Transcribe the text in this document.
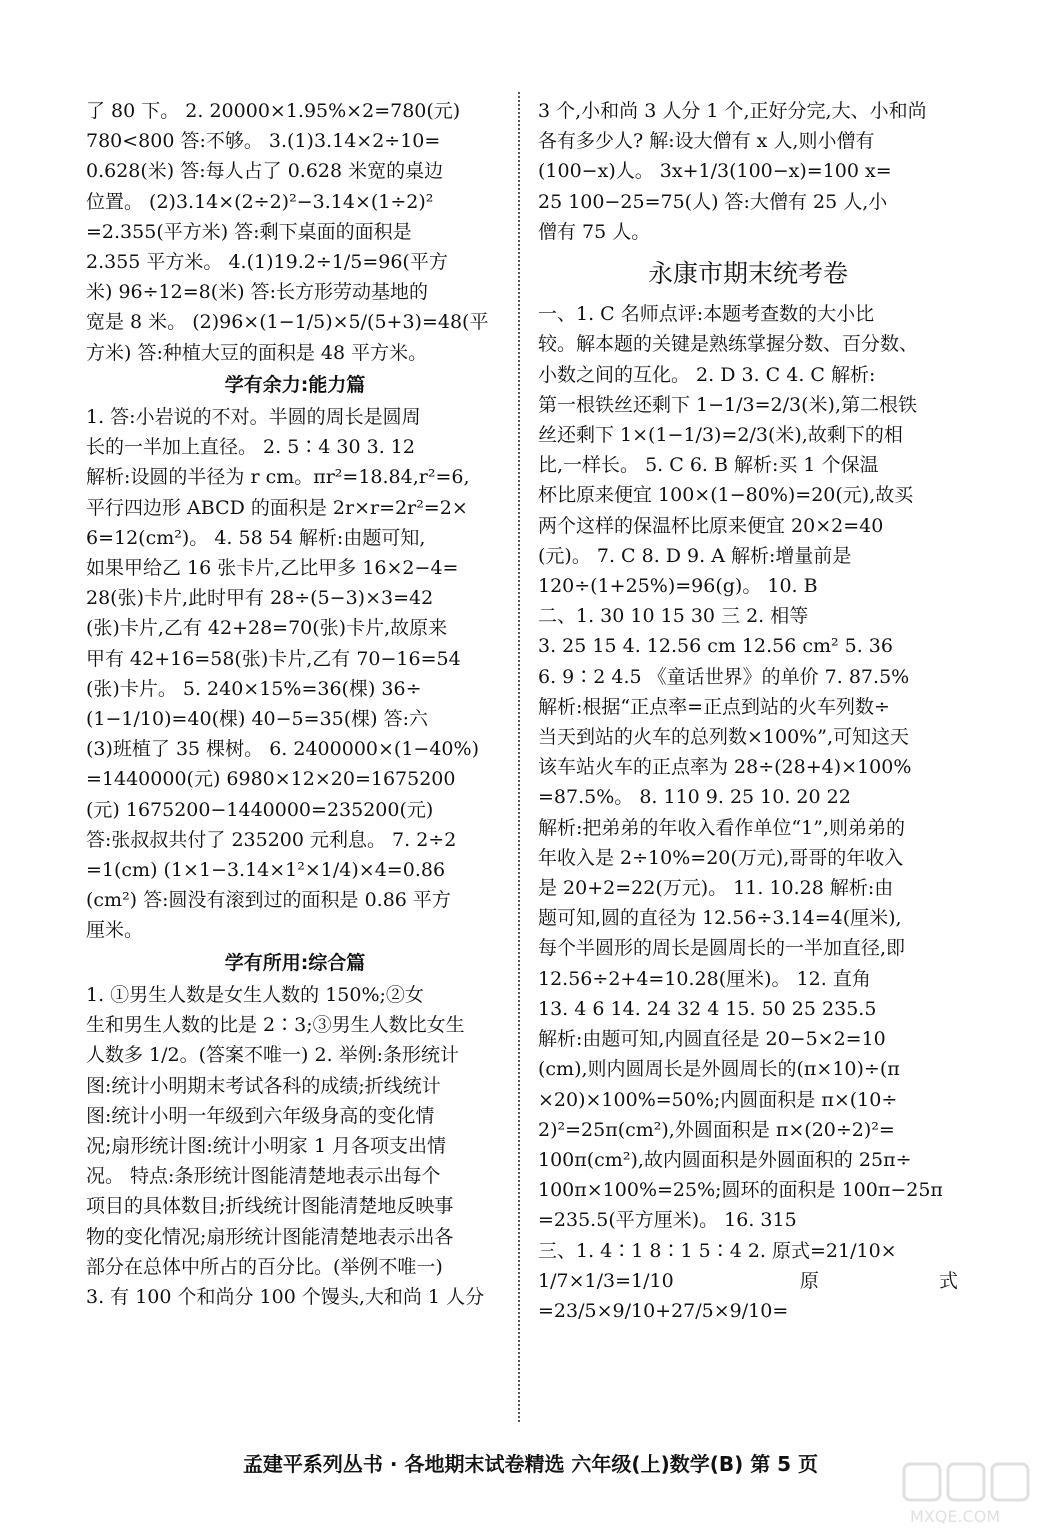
了 80 下。 2. 20000×1.95%×2=780(元)
780<800 答:不够。 3.(1)3.14×2÷10=
0.628(米) 答:每人占了 0.628 米宽的桌边
位置。 (2)3.14×(2÷2)²−3.14×(1÷2)²
=2.355(平方米) 答:剩下桌面的面积是
2.355 平方米。 4.(1)19.2÷1/5=96(平方
米) 96÷12=8(米) 答:长方形劳动基地的
宽是 8 米。 (2)96×(1−1/5)×5/(5+3)=48(平
方米) 答:种植大豆的面积是 48 平方米。
学有余力:能力篇
1. 答:小岩说的不对。半圆的周长是圆周
长的一半加上直径。 2. 5∶4 30 3. 12
解析:设圆的半径为 r cm。πr²=18.84,r²=6,
平行四边形 ABCD 的面积是 2r×r=2r²=2×
6=12(cm²)。 4. 58 54 解析:由题可知,
如果甲给乙 16 张卡片,乙比甲多 16×2−4=
28(张)卡片,此时甲有 28÷(5−3)×3=42
(张)卡片,乙有 42+28=70(张)卡片,故原来
甲有 42+16=58(张)卡片,乙有 70−16=54
(张)卡片。 5. 240×15%=36(棵) 36÷
(1−1/10)=40(棵) 40−5=35(棵) 答:六
(3)班植了 35 棵树。 6. 2400000×(1−40%)
=1440000(元) 6980×12×20=1675200
(元) 1675200−1440000=235200(元)
答:张叔叔共付了 235200 元利息。 7. 2÷2
=1(cm) (1×1−3.14×1²×1/4)×4=0.86
(cm²) 答:圆没有滚到过的面积是 0.86 平方
厘米。
学有所用:综合篇
1. ①男生人数是女生人数的 150%;②女
生和男生人数的比是 2∶3;③男生人数比女生
人数多 1/2。(答案不唯一) 2. 举例:条形统计
图:统计小明期末考试各科的成绩;折线统计
图:统计小明一年级到六年级身高的变化情
况;扇形统计图:统计小明家 1 月各项支出情
况。 特点:条形统计图能清楚地表示出每个
项目的具体数目;折线统计图能清楚地反映事
物的变化情况;扇形统计图能清楚地表示出各
部分在总体中所占的百分比。(举例不唯一)
3. 有 100 个和尚分 100 个馒头,大和尚 1 人分
3 个,小和尚 3 人分 1 个,正好分完,大、小和尚
各有多少人? 解:设大僧有 x 人,则小僧有
(100−x)人。 3x+1/3(100−x)=100 x=
25 100−25=75(人) 答:大僧有 25 人,小
僧有 75 人。
永康市期末统考卷
一、1. C 名师点评:本题考查数的大小比
较。解本题的关键是熟练掌握分数、百分数、
小数之间的互化。 2. D 3. C 4. C 解析:
第一根铁丝还剩下 1−1/3=2/3(米),第二根铁
丝还剩下 1×(1−1/3)=2/3(米),故剩下的相
比,一样长。 5. C 6. B 解析:买 1 个保温
杯比原来便宜 100×(1−80%)=20(元),故买
两个这样的保温杯比原来便宜 20×2=40
(元)。 7. C 8. D 9. A 解析:增量前是
120÷(1+25%)=96(g)。 10. B
二、1. 30 10 15 30 三 2. 相等
3. 25 15 4. 12.56 cm 12.56 cm² 5. 36
6. 9∶2 4.5 《童话世界》的单价 7. 87.5%
解析:根据“正点率=正点到站的火车列数÷
当天到站的火车的总列数×100%”,可知这天
该车站火车的正点率为 28÷(28+4)×100%
=87.5%。 8. 110 9. 25 10. 20 22
解析:把弟弟的年收入看作单位“1”,则弟弟的
年收入是 2÷10%=20(万元),哥哥的年收入
是 20+2=22(万元)。 11. 10.28 解析:由
题可知,圆的直径为 12.56÷3.14=4(厘米),
每个半圆形的周长是圆周长的一半加直径,即
12.56÷2+4=10.28(厘米)。 12. 直角
13. 4 6 14. 24 32 4 15. 50 25 235.5
解析:由题可知,内圆直径是 20−5×2=10
(cm),则内圆周长是外圆周长的(π×10)÷(π
×20)×100%=50%;内圆面积是 π×(10÷
2)²=25π(cm²),外圆面积是 π×(20÷2)²=
100π(cm²),故内圆面积是外圆面积的 25π÷
100π×100%=25%;圆环的面积是 100π−25π
=235.5(平方厘米)。 16. 315
三、1. 4∶1 8∶1 5∶4 2. 原式=21/10×
1/7×1/3=1/10 原式=23/5×9/10+27/5×9/10=
孟建平系列丛书 · 各地期末试卷精选 六年级(上)数学(B) 第 5 页
MXQE.COM
